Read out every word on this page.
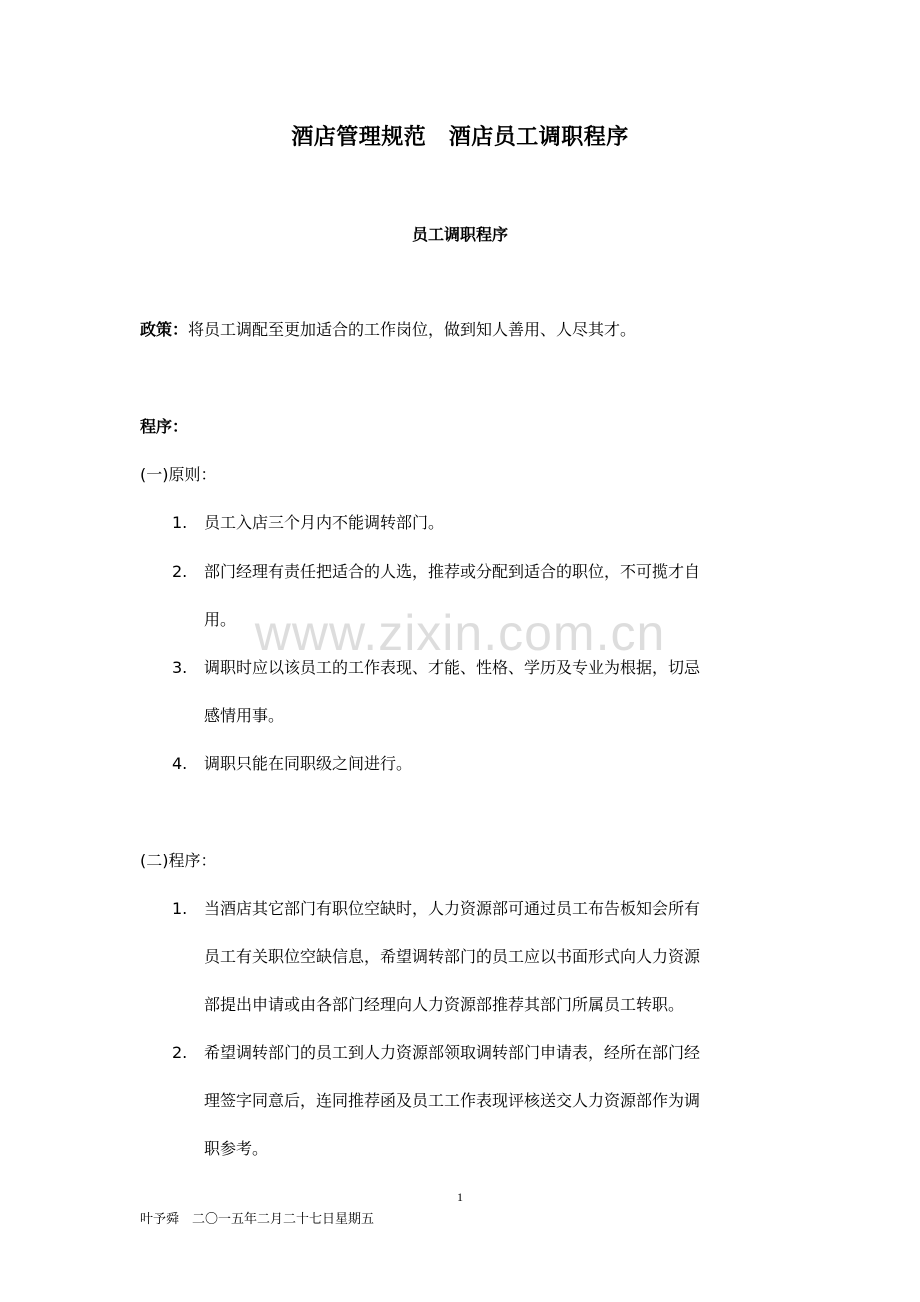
酒店管理规范　酒店员工调职程序
员工调职程序
政策：将员工调配至更加适合的工作岗位，做到知人善用、人尽其才。
程序：
(一)原则：
1. 员工入店三个月内不能调转部门。
2. 部门经理有责任把适合的人选，推荐或分配到适合的职位，不可揽才自
用。
3. 调职时应以该员工的工作表现、才能、性格、学历及专业为根据，切忌
感情用事。
4. 调职只能在同职级之间进行。
(二)程序：
1. 当酒店其它部门有职位空缺时，人力资源部可通过员工布告板知会所有
员工有关职位空缺信息，希望调转部门的员工应以书面形式向人力资源
部提出申请或由各部门经理向人力资源部推荐其部门所属员工转职。
2. 希望调转部门的员工到人力资源部领取调转部门申请表，经所在部门经
理签字同意后，连同推荐函及员工工作表现评核送交人力资源部作为调
职参考。
www.zixin.com.cn
1
叶予舜　二〇一五年二月二十七日星期五
